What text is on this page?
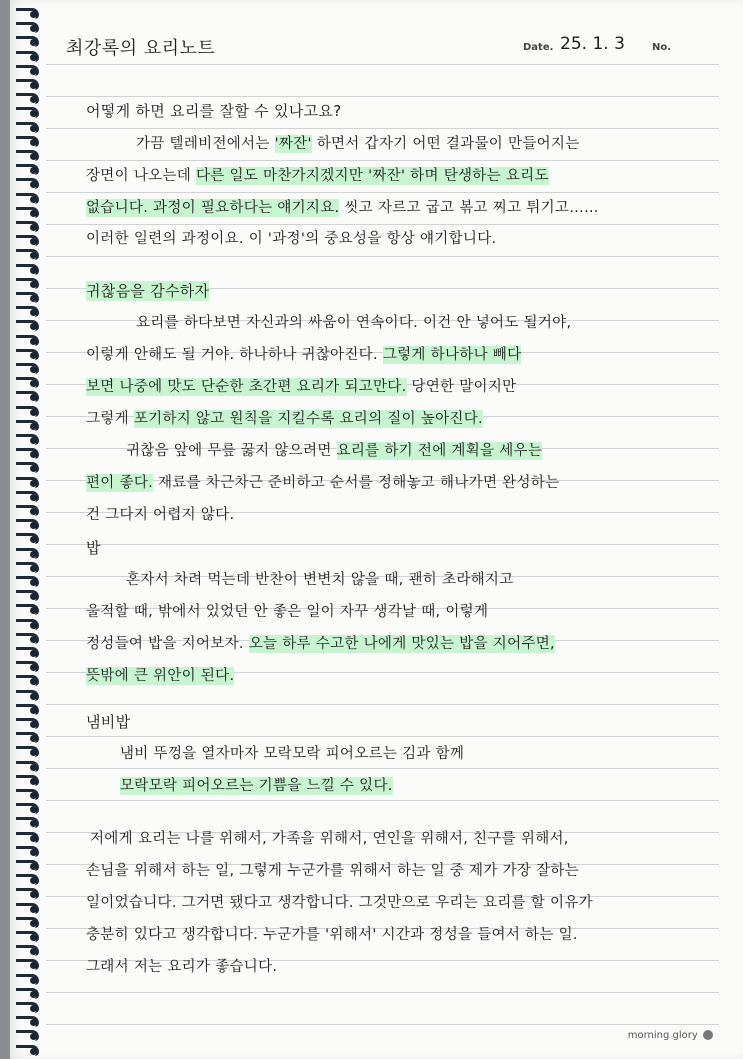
최강록의 요리노트	Date. 25. 1. 3	No.
어떻게 하면 요리를 잘할 수 있나고요?
가끔 텔레비전에서는 '짜잔' 하면서 갑자기 어떤 결과물이 만들어지는
장면이 나오는데 다른 일도 마찬가지겠지만 '짜잔' 하며 탄생하는 요리도
없습니다. 과정이 필요하다는 얘기지요. 씻고 자르고 굽고 볶고 찌고 튀기고……
이러한 일련의 과정이요. 이 '과정'의 중요성을 항상 얘기합니다.
귀찮음을 감수하자
요리를 하다보면 자신과의 싸움이 연속이다. 이건 안 넣어도 될거야,
이렇게 안해도 될 거야. 하나하나 귀찮아진다. 그렇게 하나하나 빼다
보면 나중에 맛도 단순한 초간편 요리가 되고만다. 당연한 말이지만
그렇게 포기하지 않고 원칙을 지킬수록 요리의 질이 높아진다.
귀찮음 앞에 무릎 꿇지 않으려면 요리를 하기 전에 계획을 세우는
편이 좋다. 재료를 차근차근 준비하고 순서를 정해놓고 해나가면 완성하는
건 그다지 어렵지 않다.
밥
혼자서 차려 먹는데 반찬이 변변치 않을 때, 괜히 초라해지고
울적할 때, 밖에서 있었던 안 좋은 일이 자꾸 생각날 때, 이렇게
정성들여 밥을 지어보자. 오늘 하루 수고한 나에게 맛있는 밥을 지어주면,
뜻밖에 큰 위안이 된다.
냄비밥
냄비 뚜껑을 열자마자 모락모락 피어오르는 김과 함께
모락모락 피어오르는 기쁨을 느낄 수 있다.
저에게 요리는 나를 위해서, 가족을 위해서, 연인을 위해서, 친구를 위해서,
손님을 위해서 하는 일, 그렇게 누군가를 위해서 하는 일 중 제가 가장 잘하는
일이었습니다. 그거면 됐다고 생각합니다. 그것만으로 우리는 요리를 할 이유가
충분히 있다고 생각합니다. 누군가를 '위해서' 시간과 정성을 들여서 하는 일.
그래서 저는 요리가 좋습니다.
morning glory
